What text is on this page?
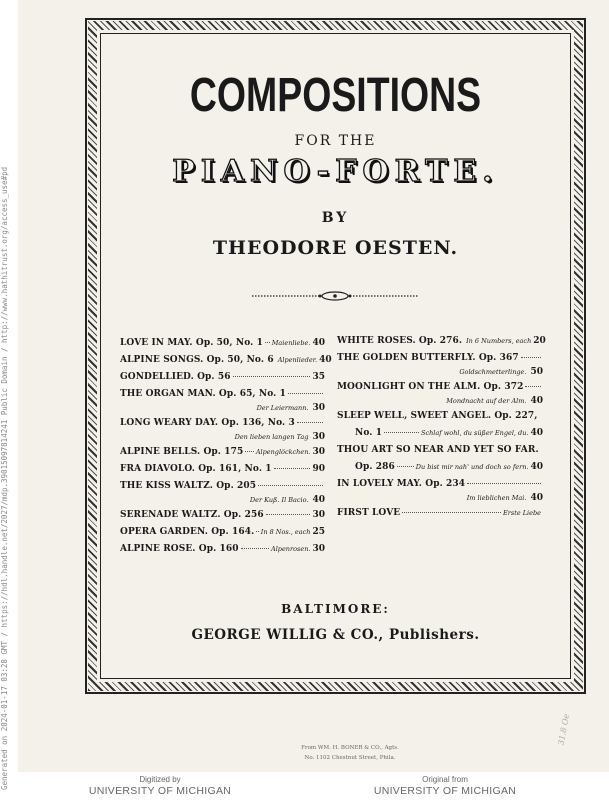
COMPOSITIONS
FOR THE
PIANO-FORTE.
BY
THEODORE OESTEN.
LOVE IN MAY. Op. 50, No. 1 Maienliebe. 40
ALPINE SONGS. Op. 50, No. 6 Alpenlieder. 40
GONDELLIED. Op. 56	35
THE ORGAN MAN. Op. 65, No. 1
Der Leiermann. 30
LONG WEARY DAY. Op. 136, No. 3
Den lieben langen Tag 30
ALPINE BELLS. Op. 175 Alpenglöckchen. 30
FRA DIAVOLO. Op. 161, No. 1	90
THE KISS WALTZ. Op. 205
Der Kuß. Il Bacio. 40
SERENADE WALTZ. Op. 256	30
OPERA GARDEN. Op. 164. In 8 Nos., each 25
ALPINE ROSE. Op. 160	Alpenrosen. 30
WHITE ROSES. Op. 276. In 6 Numbers, each 20
THE GOLDEN BUTTERFLY. Op. 367
Goldschmetterlinge. 50
MOONLIGHT ON THE ALM. Op. 372
Mondnacht auf der Alm. 40
SLEEP WELL, SWEET ANGEL. Op. 227,
No. 1	Schlaf wohl, du süßer Engel, du. 40
THOU ART SO NEAR AND YET SO FAR.
Op. 286	Du bist mir nah' und doch so fern. 40
IN LOVELY MAY. Op. 234
Im lieblichen Mai. 40
FIRST LOVE	Erste Liebe
BALTIMORE:
GEORGE WILLIG & CO., Publishers.
From WM. H. BONER & CO., Agts.
No. 1102 Chestnut Street, Phila.
31.8 Oe
Generated on 2024-01-17 03:28 GMT / https://hdl.handle.net/2027/mdp.39015097814241 Public Domain / http://www.hathitrust.org/access_use#pd	Digitized by
UNIVERSITY OF MICHIGAN
Original from
UNIVERSITY OF MICHIGAN
